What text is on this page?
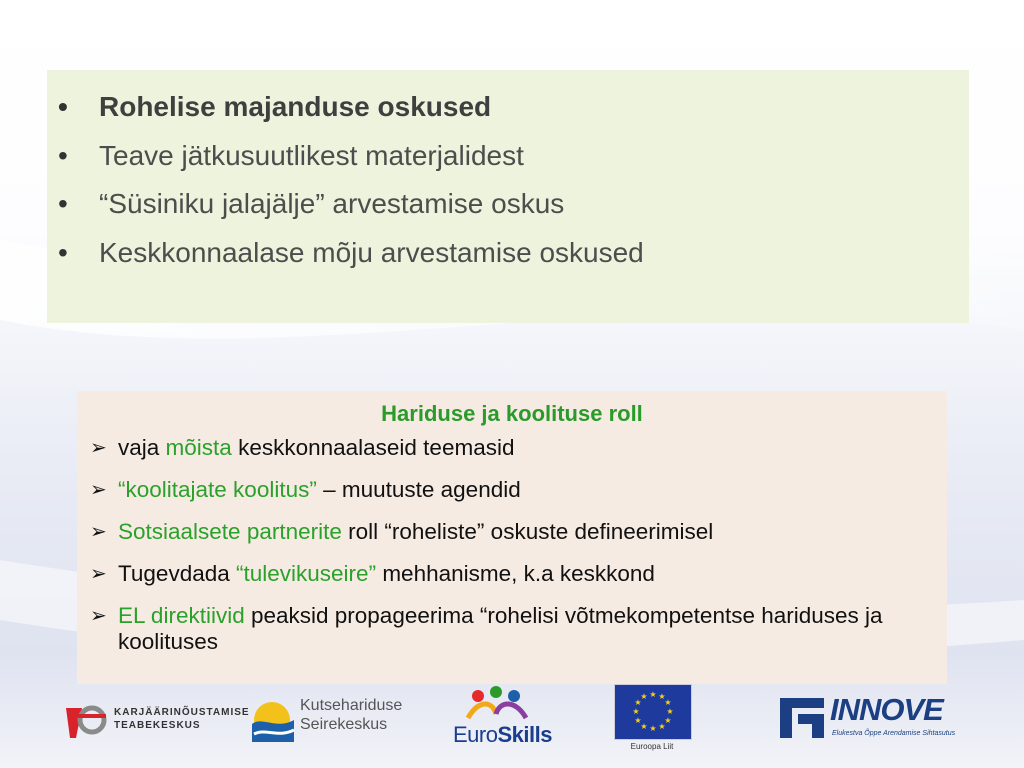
• Rohelise majanduse oskused
• Teave jätkusuutlikest materjalidest
• “Süsiniku jalajälje” arvestamise oskus
• Keskkonnaalase mõju arvestamise oskused
Hariduse ja koolituse roll
➢ vaja mõista keskkonnaalaseid teemasid
➢ “koolitajate koolitus” – muutuste agendid
➢ Sotsiaalsete partnerite roll “roheliste” oskuste defineerimisel
➢ Tugevdada “tulevikuseire” mehhanisme, k.a keskkond
➢ EL direktiivid peaksid propageerima “rohelisi võtmekompetentse hariduses ja koolituses
KARJÄÄRINÕUSTAMISE
TEABEKESKUS
Kutsehariduse
Seirekeskus	EuroSkills
★ ★
★
★
★
★
★
★
★
★
★
★
Euroopa Liit
INNOVE
Elukestva Õppe Arendamise Sihtasutus
